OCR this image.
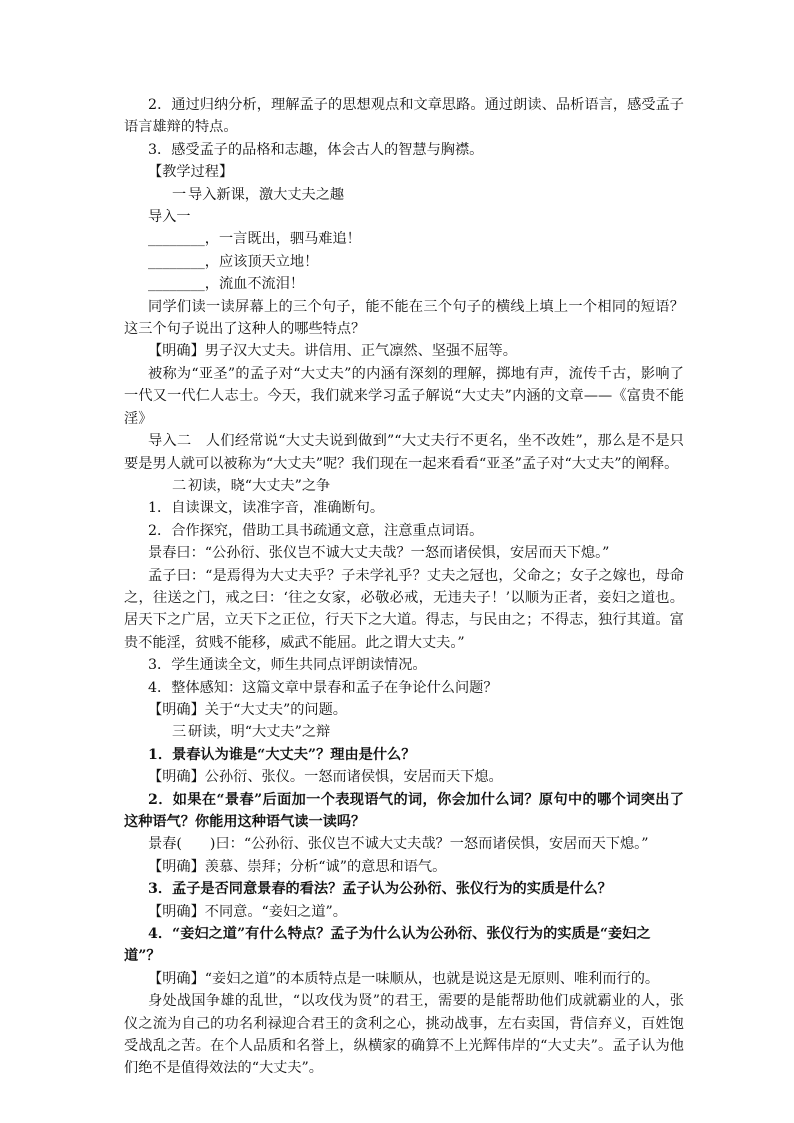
2．通过归纳分析，理解孟子的思想观点和文章思路。通过朗读、品析语言，感受孟子语言雄辩的特点。

3．感受孟子的品格和志趣，体会古人的智慧与胸襟。

【教学过程】

一 导入新课，激大丈夫之趣

导入一

________，一言既出，驷马难追！

________，应该顶天立地！

________，流血不流泪！

同学们读一读屏幕上的三个句子，能不能在三个句子的横线上填上一个相同的短语？这三个句子说出了这种人的哪些特点？

【明确】男子汉大丈夫。讲信用、正气凛然、坚强不屈等。

被称为“亚圣”的孟子对“大丈夫”的内涵有深刻的理解，掷地有声，流传千古，影响了一代又一代仁人志士。今天，我们就来学习孟子解说“大丈夫”内涵的文章——《富贵不能淫》

导入二　人们经常说“大丈夫说到做到”“大丈夫行不更名，坐不改姓”，那么是不是只要是男人就可以被称为“大丈夫”呢？我们现在一起来看看“亚圣”孟子对“大丈夫”的阐释。

二 初读，晓“大丈夫”之争

1．自读课文，读准字音，准确断句。

2．合作探究，借助工具书疏通文意，注意重点词语。

景春曰：“公孙衍、张仪岂不诚大丈夫哉？一怒而诸侯惧，安居而天下熄。”

孟子曰：“是焉得为大丈夫乎？子未学礼乎？丈夫之冠也，父命之；女子之嫁也，母命之，往送之门，戒之曰：‘往之女家，必敬必戒，无违夫子！’以顺为正者，妾妇之道也。居天下之广居，立天下之正位，行天下之大道。得志，与民由之；不得志，独行其道。富贵不能淫，贫贱不能移，威武不能屈。此之谓大丈夫。”

3．学生通读全文，师生共同点评朗读情况。

4．整体感知：这篇文章中景春和孟子在争论什么问题？

【明确】关于“大丈夫”的问题。

三 研读，明“大丈夫”之辩

1．景春认为谁是“大丈夫”？理由是什么？

【明确】公孙衍、张仪。一怒而诸侯惧，安居而天下熄。

2．如果在“景春”后面加一个表现语气的词，你会加什么词？原句中的哪个词突出了这种语气？你能用这种语气读一读吗？

景春( )曰：“公孙衍、张仪岂不诚大丈夫哉？一怒而诸侯惧，安居而天下熄。”

【明确】羡慕、崇拜；分析“诚”的意思和语气。

3．孟子是否同意景春的看法？孟子认为公孙衍、张仪行为的实质是什么？

【明确】不同意。“妾妇之道”。

4．“妾妇之道”有什么特点？孟子为什么认为公孙衍、张仪行为的实质是“妾妇之道”？

【明确】“妾妇之道”的本质特点是一味顺从，也就是说这是无原则、唯利而行的。

身处战国争雄的乱世，“以攻伐为贤”的君王，需要的是能帮助他们成就霸业的人，张仪之流为自己的功名利禄迎合君王的贪利之心，挑动战事，左右卖国，背信弃义，百姓饱受战乱之苦。在个人品质和名誉上，纵横家的确算不上光辉伟岸的“大丈夫”。孟子认为他们绝不是值得效法的“大丈夫”。
